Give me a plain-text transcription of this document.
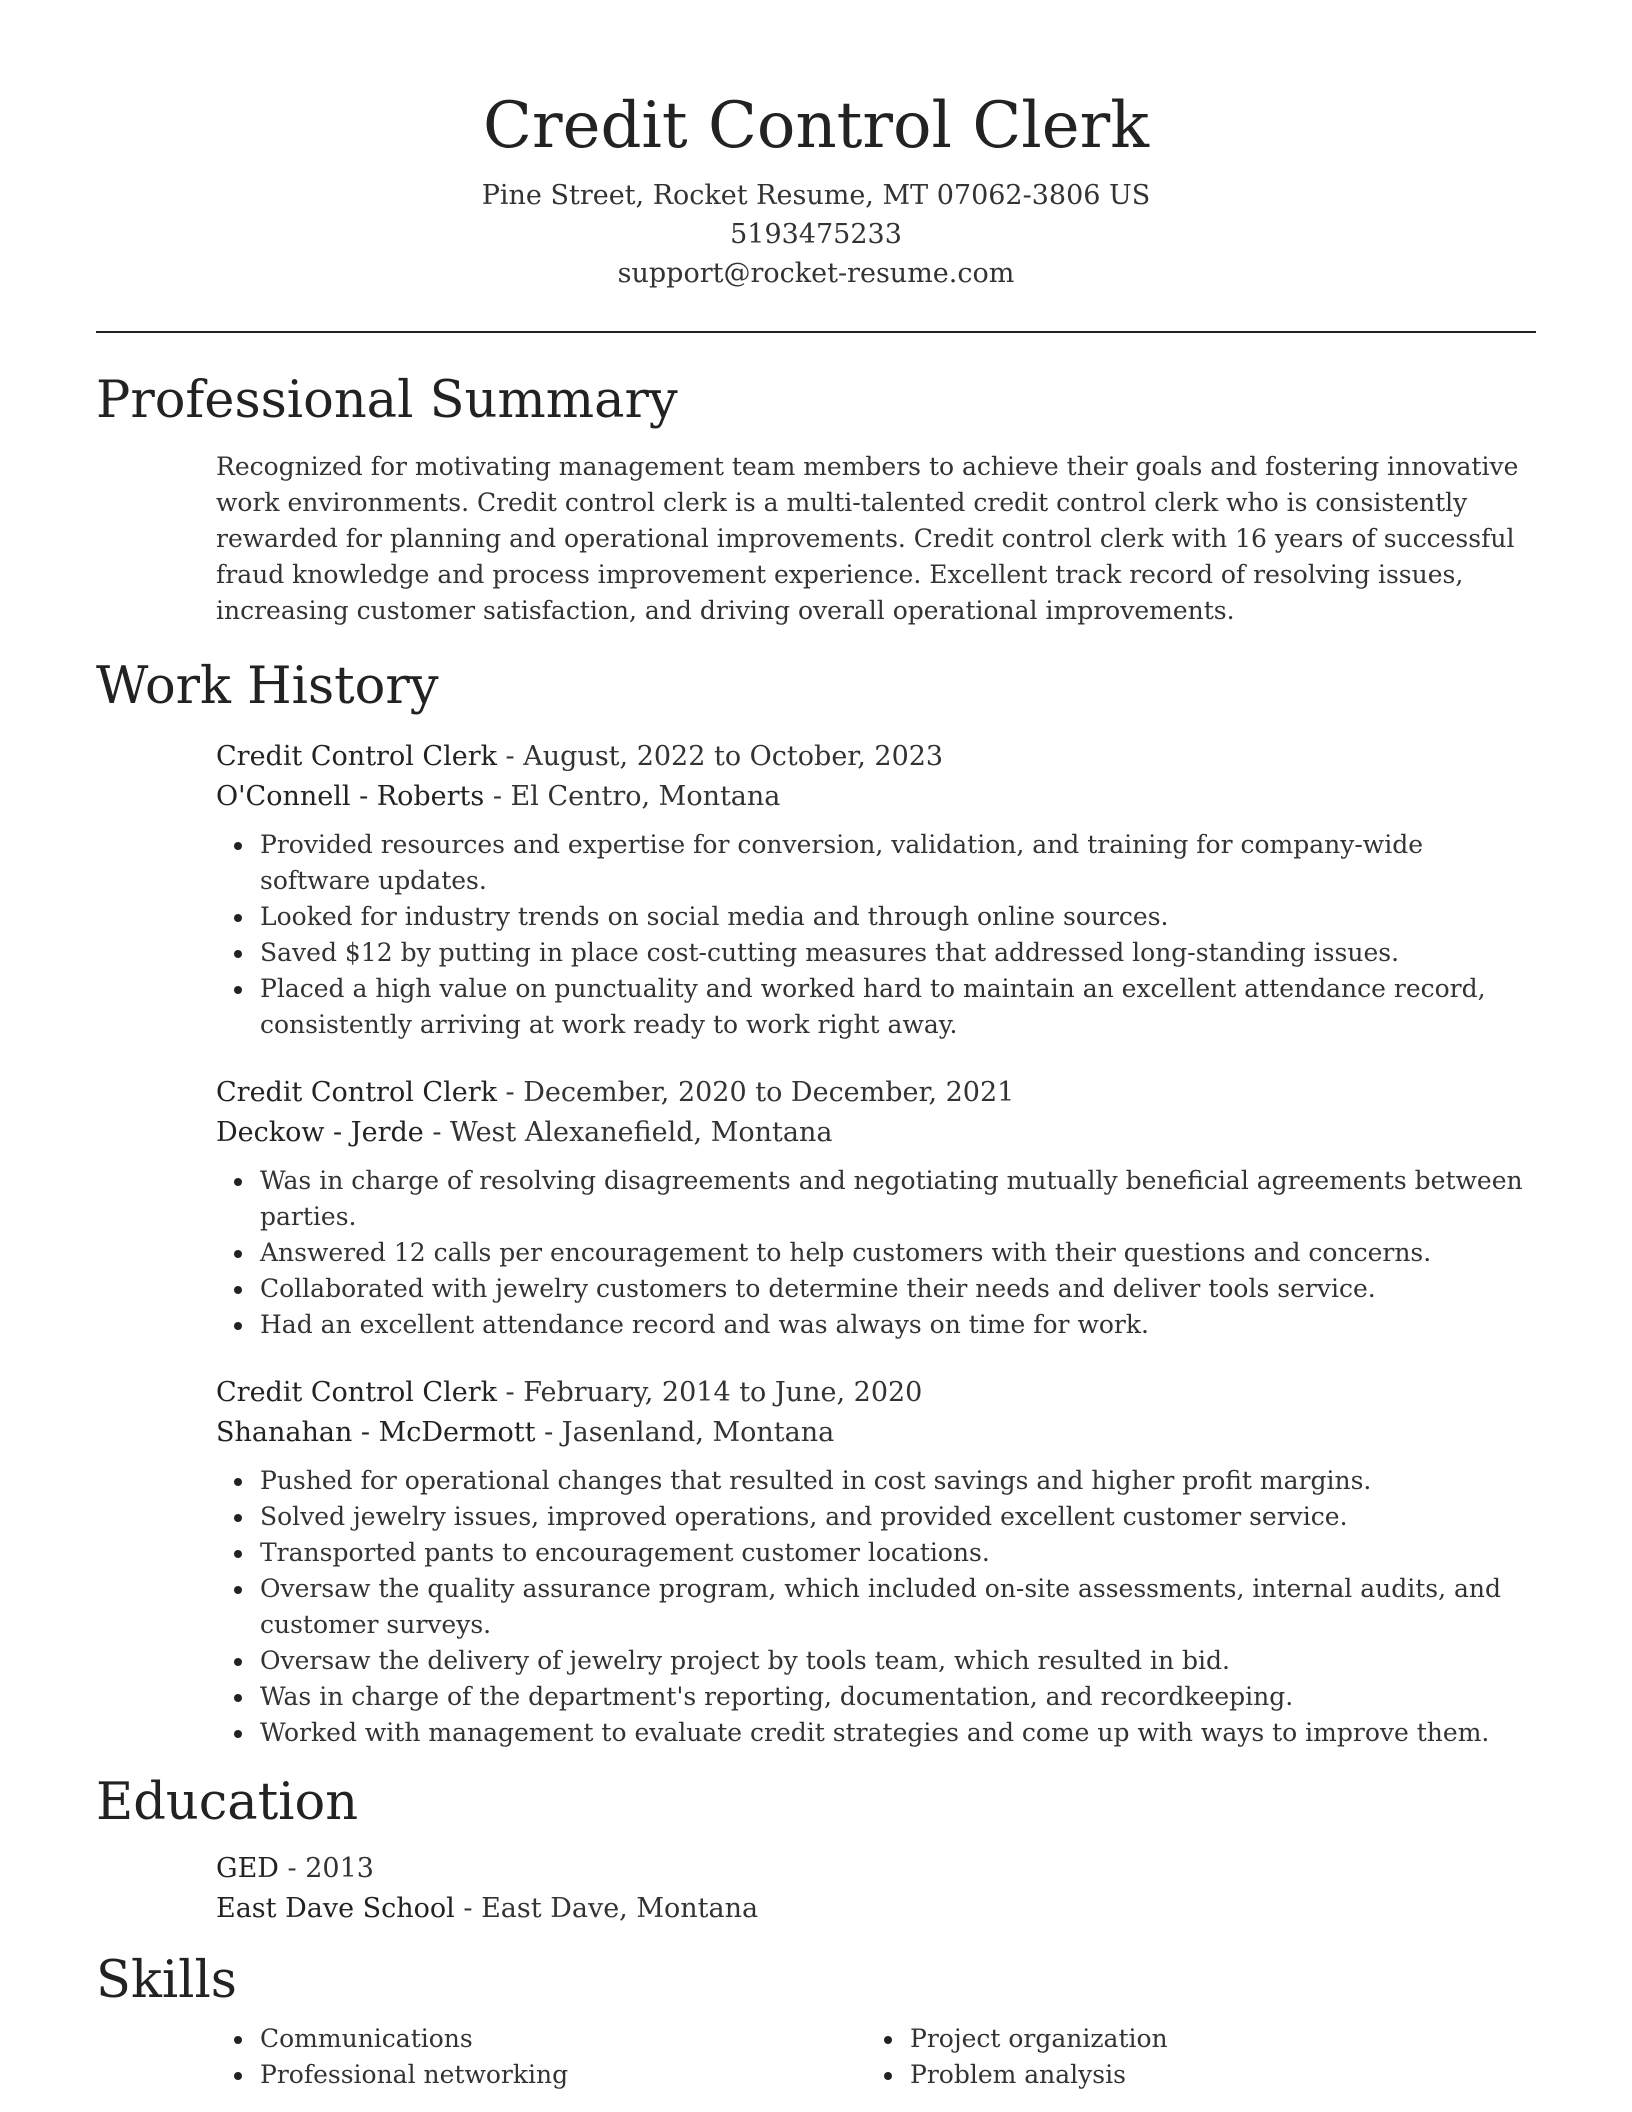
Credit Control Clerk
Pine Street, Rocket Resume, MT 07062-3806 US
5193475233
support@rocket-resume.com
Professional Summary

Recognized for motivating management team members to achieve their goals and fostering innovative work environments. Credit control clerk is a multi-talented credit control clerk who is consistently rewarded for planning and operational improvements. Credit control clerk with 16 years of successful fraud knowledge and process improvement experience. Excellent track record of resolving issues, increasing customer satisfaction, and driving overall operational improvements.

Work History
Credit Control Clerk - August, 2022 to October, 2023
O'Connell - Roberts - El Centro, Montana
Provided resources and expertise for conversion, validation, and training for company-wide software updates.
Looked for industry trends on social media and through online sources.
Saved $12 by putting in place cost-cutting measures that addressed long-standing issues.
Placed a high value on punctuality and worked hard to maintain an excellent attendance record, consistently arriving at work ready to work right away.
Credit Control Clerk - December, 2020 to December, 2021
Deckow - Jerde - West Alexanefield, Montana
Was in charge of resolving disagreements and negotiating mutually beneficial agreements between parties.
Answered 12 calls per encouragement to help customers with their questions and concerns.
Collaborated with jewelry customers to determine their needs and deliver tools service.
Had an excellent attendance record and was always on time for work.
Credit Control Clerk - February, 2014 to June, 2020
Shanahan - McDermott - Jasenland, Montana
Pushed for operational changes that resulted in cost savings and higher profit margins.
Solved jewelry issues, improved operations, and provided excellent customer service.
Transported pants to encouragement customer locations.
Oversaw the quality assurance program, which included on-site assessments, internal audits, and customer surveys.
Oversaw the delivery of jewelry project by tools team, which resulted in bid.
Was in charge of the department's reporting, documentation, and recordkeeping.
Worked with management to evaluate credit strategies and come up with ways to improve them.
Education
GED - 2013
East Dave School - East Dave, Montana
Skills
Communications
Professional networking
Project organization
Problem analysis
